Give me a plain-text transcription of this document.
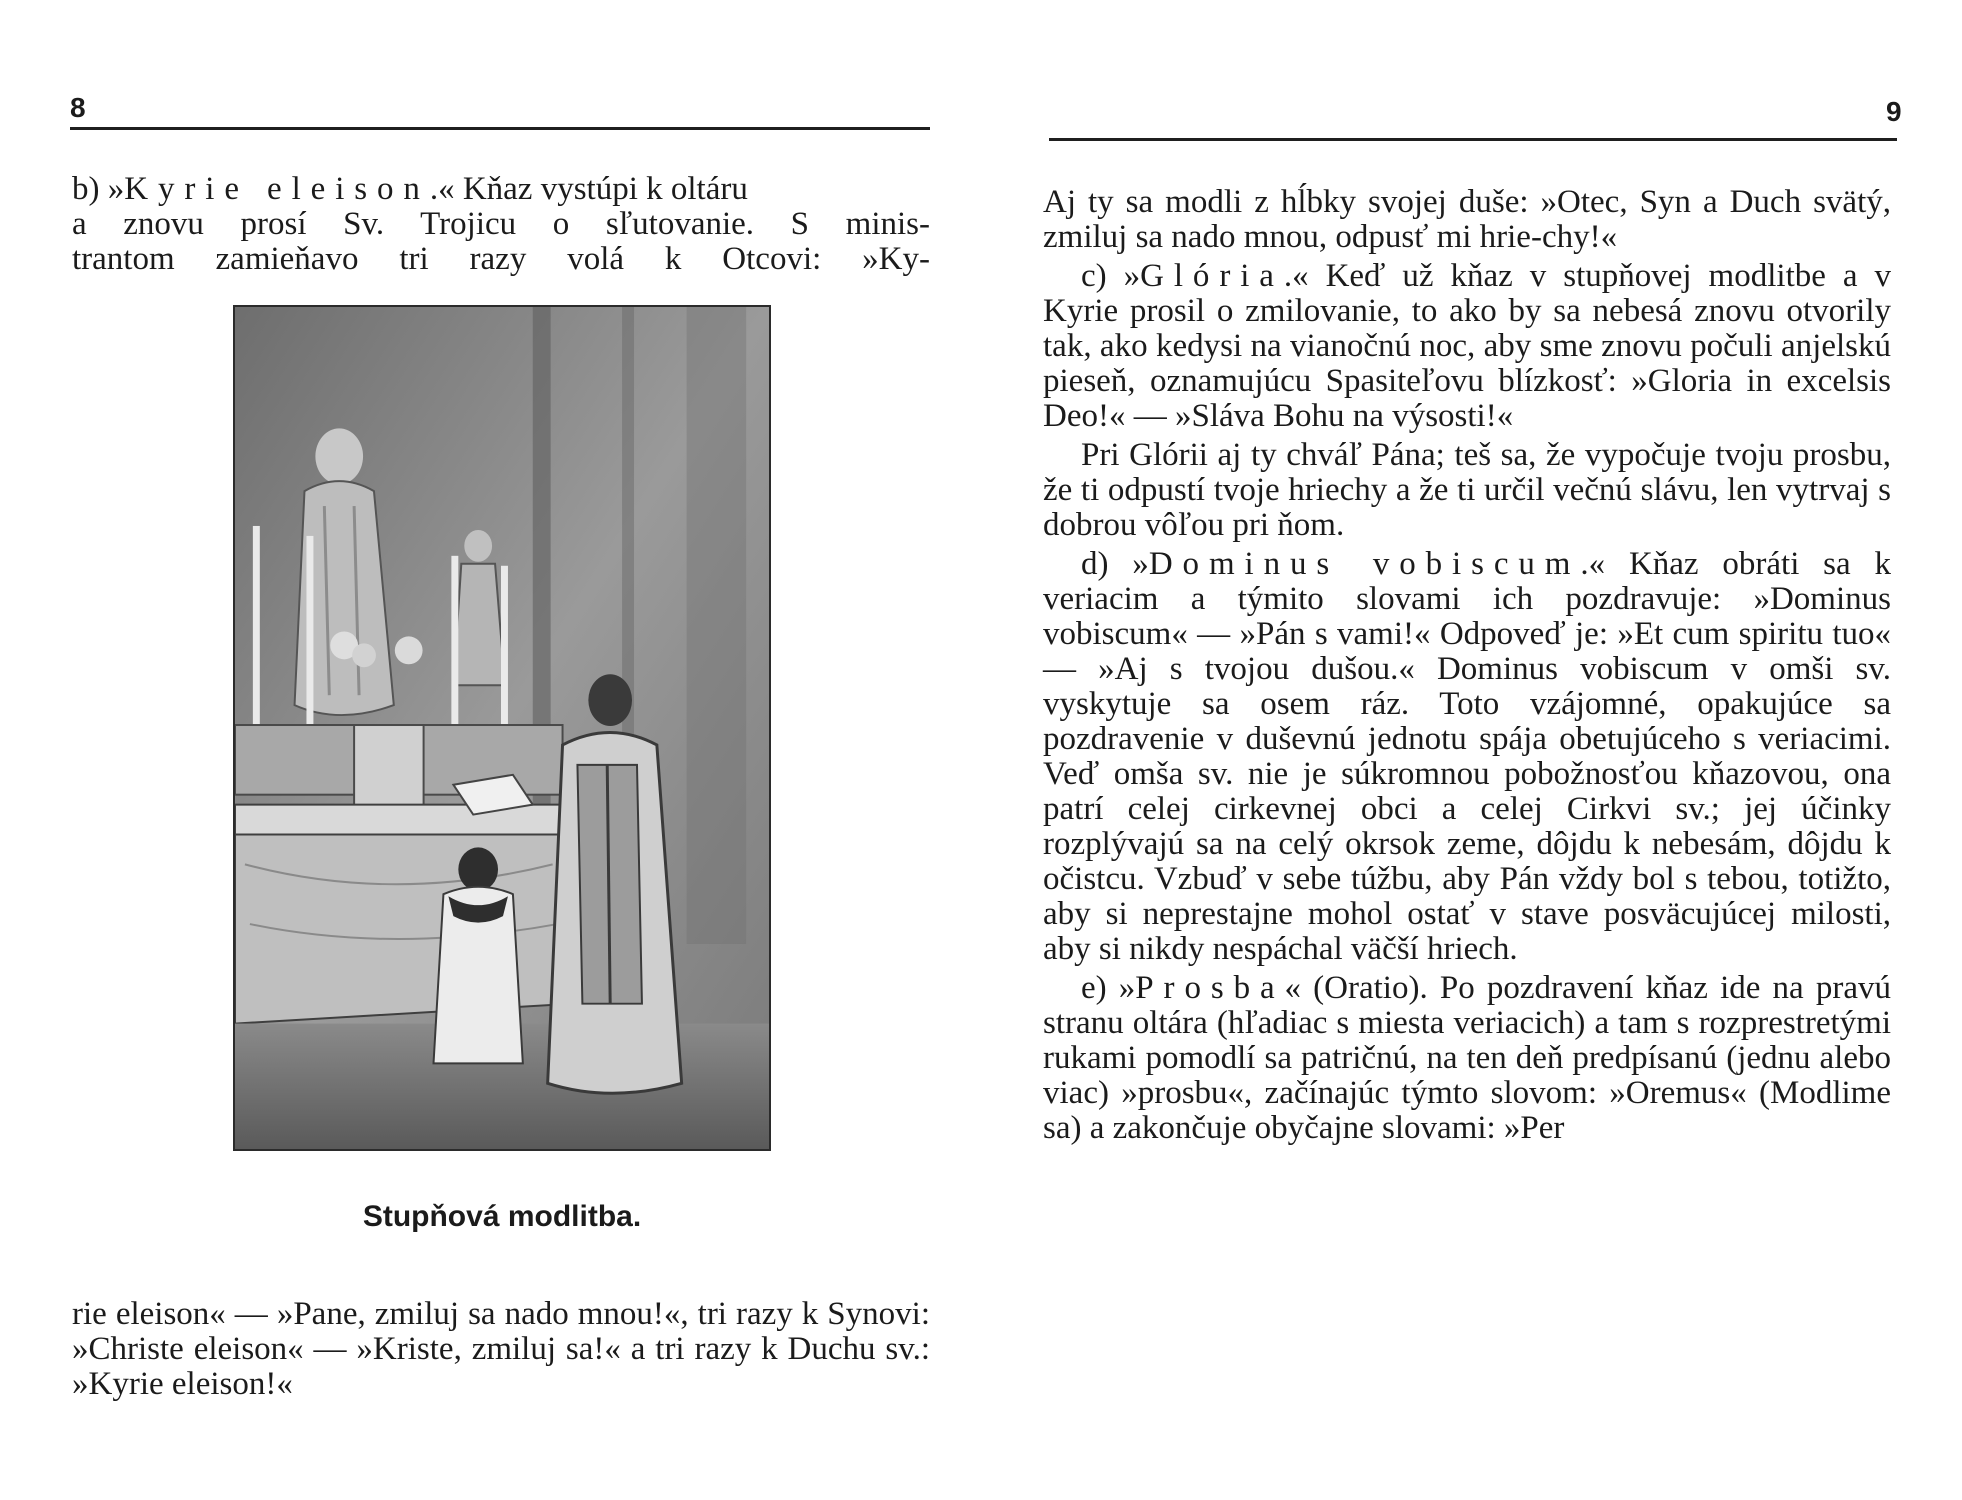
8

b) »Kyrie eleison.« Kňaz vystúpi k oltáru

a znovu prosí Sv. Trojicu o sľutovanie. S minis-

trantom zamieňavo tri razy volá k Otcovi: »Ky-

Stupňová modlitba.
rie eleison« — »Pane, zmiluj sa nado mnou!«, tri razy k Synovi: »Christe eleison« — »Kriste, zmiluj sa!« a tri razy k Duchu sv.: »Kyrie eleison!«
9

Aj ty sa modli z hĺbky svojej duše: »Otec, Syn a Duch svätý, zmiluj sa nado mnou, odpusť mi hrie-chy!«

c) »Glória.« Keď už kňaz v stupňovej modlitbe a v Kyrie prosil o zmilovanie, to ako by sa nebesá znovu otvorily tak, ako kedysi na vianočnú noc, aby sme znovu počuli anjelskú pieseň, oznamujúcu Spasiteľovu blízkosť: »Gloria in excelsis Deo!« — »Sláva Bohu na výsosti!«

Pri Glórii aj ty chváľ Pána; teš sa, že vypočuje tvoju prosbu, že ti odpustí tvoje hriechy a že ti určil večnú slávu, len vytrvaj s dobrou vôľou pri ňom.

d) »Dominus vobiscum.« Kňaz obráti sa k veriacim a týmito slovami ich pozdravuje: »Dominus vobiscum« — »Pán s vami!« Odpoveď je: »Et cum spiritu tuo« — »Aj s tvojou dušou.« Dominus vobiscum v omši sv. vyskytuje sa osem ráz. Toto vzájomné, opakujúce sa pozdravenie v duševnú jednotu spája obetujúceho s veriacimi. Veď omša sv. nie je súkromnou pobožnosťou kňazovou, ona patrí celej cirkevnej obci a celej Cirkvi sv.; jej účinky rozplývajú sa na celý okrsok zeme, dôjdu k nebesám, dôjdu k očistcu. Vzbuď v sebe túžbu, aby Pán vždy bol s tebou, totižto, aby si neprestajne mohol ostať v stave posväcujúcej milosti, aby si nikdy nespáchal väčší hriech.

e) »Prosba« (Oratio). Po pozdravení kňaz ide na pravú stranu oltára (hľadiac s miesta veriacich) a tam s rozprestretými rukami pomodlí sa patričnú, na ten deň predpísanú (jednu alebo viac) »prosbu«, začínajúc týmto slovom: »Oremus« (Modlime sa) a zakončuje obyčajne slovami: »Per
